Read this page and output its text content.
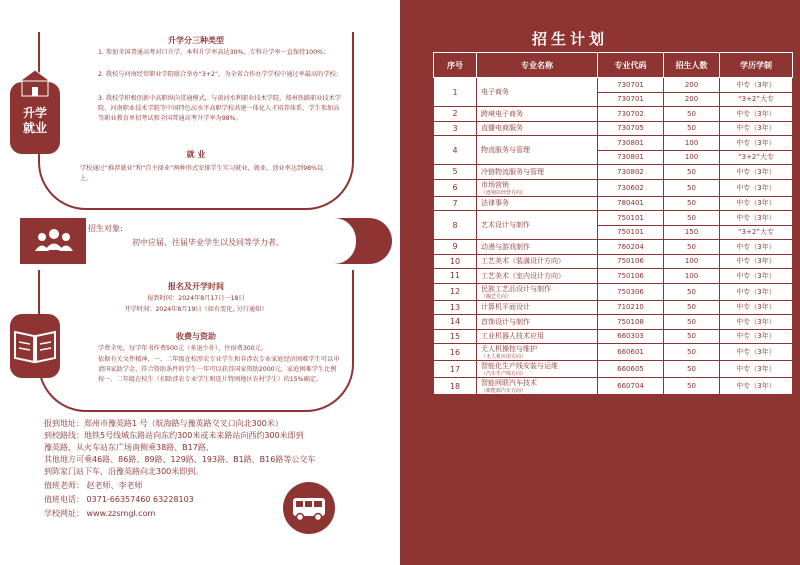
升学分三种类型

1. 参加全国普通高考对口升学，本科升学率高达30%，专科升学率一直保持100%；

2. 我校与河南经贸职业学院联合举办“3+2”，为全省合作办学学校中通过率最高的学校；

3. 我校学积极创新中高职纵向贯通模式，与黄河水利职业技术学院、郑州铁路职业技术学院、河南职业技术学院等中国特色高水平高职学校共建一体化人才培养体系，学生参加高等职业教育单招考试和全国普通高考升学率为98%。

就 业

学校通过“推荐就业”和“自主择业”两种形式安排学生实习就业，就业、创业率达到98%以上。

升学
就业

招生对象:

初中应届、往届毕业学生以及同等学力者。

报名及开学时间

报到时间：2024年8月17日一18日

开学时间：2024年8月19日（如有变化, 另行通知）

收费与资助

学费全免，每学年书作费500元（多退少补），住宿费300元。

依据有关文件精神，一、二年级在校涉农专业学生和非涉农专业家庭经济困难学生可以申请国家助学金，符合资助条件的学生一年可以获得国家资助2000元，家庭困难学生比例按一、二年级在校生（扣除涉农专业学生和连片特困地区农村学生）的15%确定。

报到地址：郑州市豫英路1 号（航海路与豫英路交叉口向北300米）
到校路线：地铁5号线城东路站向东约300米或未来路站向西约300米即到
豫英路，从火车站东广场南侧乘38路、B17路、
其他地方可乘46路、86路、89路、129路、193路、B1路、B16路等公交车
到陈家门站下车，沿豫英路向北300米即到。
值班老师： 赵老师、李老师
值班电话： 0371-66357460 63228103
学校网址： www.zzsmgl.com
招生计划
序号	专业名称	专业代码	招生人数	学历学制
1	电子商务	730701	200	中专（3年）
		730701	200	“3+2”大专
2	跨境电子商务	730702	50	中专（3年）
3	直播电商服务	730705	50	中专（3年）
4	物流服务与管理	730801	100	中专（3年）
		730801	100	“3+2”大专
5	冷链物流服务与管理	730802	50	中专（3年）
6	市场营销
（连锁店经营方向）	730602	50	中专（3年）
7	法律事务	780401	50	中专（3年）
8	艺术设计与制作	750101	50	中专（3年）
		750101	150	“3+2”大专
9	动漫与游戏制作	760204	50	中专（3年）
10	工艺美术（装潢设计方向）	750106	100	中专（3年）
11	工艺美术（室内设计方向）	750106	100	中专（3年）
12	民族工艺品设计与制作
（陶艺方向）	750306	50	中专（3年）
13	计算机平面设计	710210	50	中专（3年）
14	首饰设计与制作	750108	50	中专（3年）
15	工业机器人技术应用	660303	50	中专（3年）
16	无人机操控与维护
（无人机应用方向）	660601	50	中专（3年）
17	智能化生产线安装与运维
（汽车生产线方向）	660605	50	中专（3年）
18	智能网联汽车技术
（新能源汽车方向）	660704	50	中专（3年）
